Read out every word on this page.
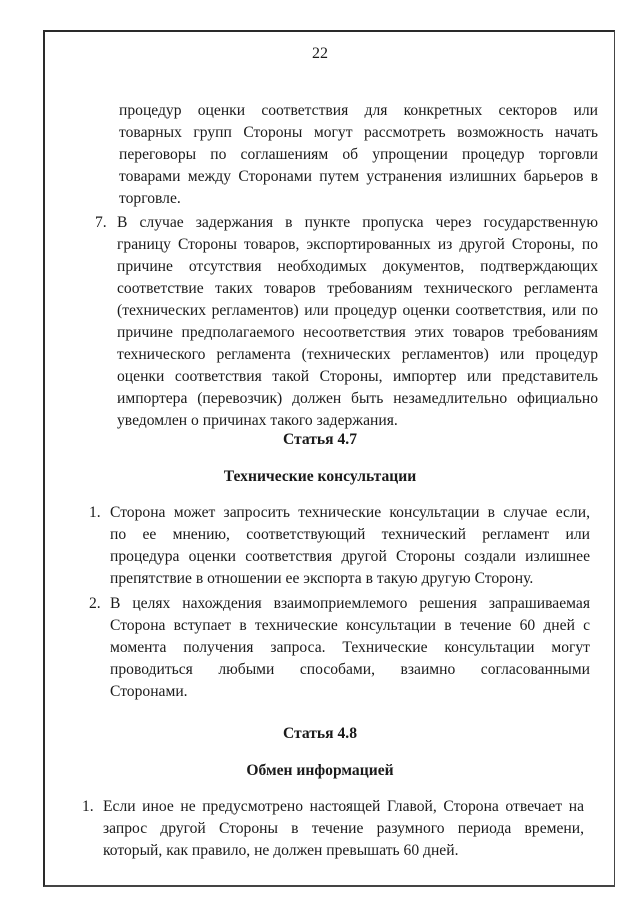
22
процедур оценки соответствия для конкретных секторов или
товарных групп Стороны могут рассмотреть возможность начать
переговоры по соглашениям об упрощении процедур торговли
товарами между Сторонами путем устранения излишних барьеров в
торговле.
7. В случае задержания в пункте пропуска через государственную
границу Стороны товаров, экспортированных из другой Стороны, по
причине отсутствия необходимых документов, подтверждающих
соответствие таких товаров требованиям технического регламента
(технических регламентов) или процедур оценки соответствия, или по
причине предполагаемого несоответствия этих товаров требованиям
технического регламента (технических регламентов) или процедур
оценки соответствия такой Стороны, импортер или представитель
импортера (перевозчик) должен быть незамедлительно официально
уведомлен о причинах такого задержания.
Статья 4.7
Технические консультации
1. Сторона может запросить технические консультации в случае если,
по ее мнению, соответствующий технический регламент или
процедура оценки соответствия другой Стороны создали излишнее
препятствие в отношении ее экспорта в такую другую Сторону.
2. В целях нахождения взаимоприемлемого решения запрашиваемая
Сторона вступает в технические консультации в течение 60 дней с
момента получения запроса. Технические консультации могут
проводиться любыми способами, взаимно согласованными
Сторонами.
Статья 4.8
Обмен информацией
1. Если иное не предусмотрено настоящей Главой, Сторона отвечает на
запрос другой Стороны в течение разумного периода времени,
который, как правило, не должен превышать 60 дней.
